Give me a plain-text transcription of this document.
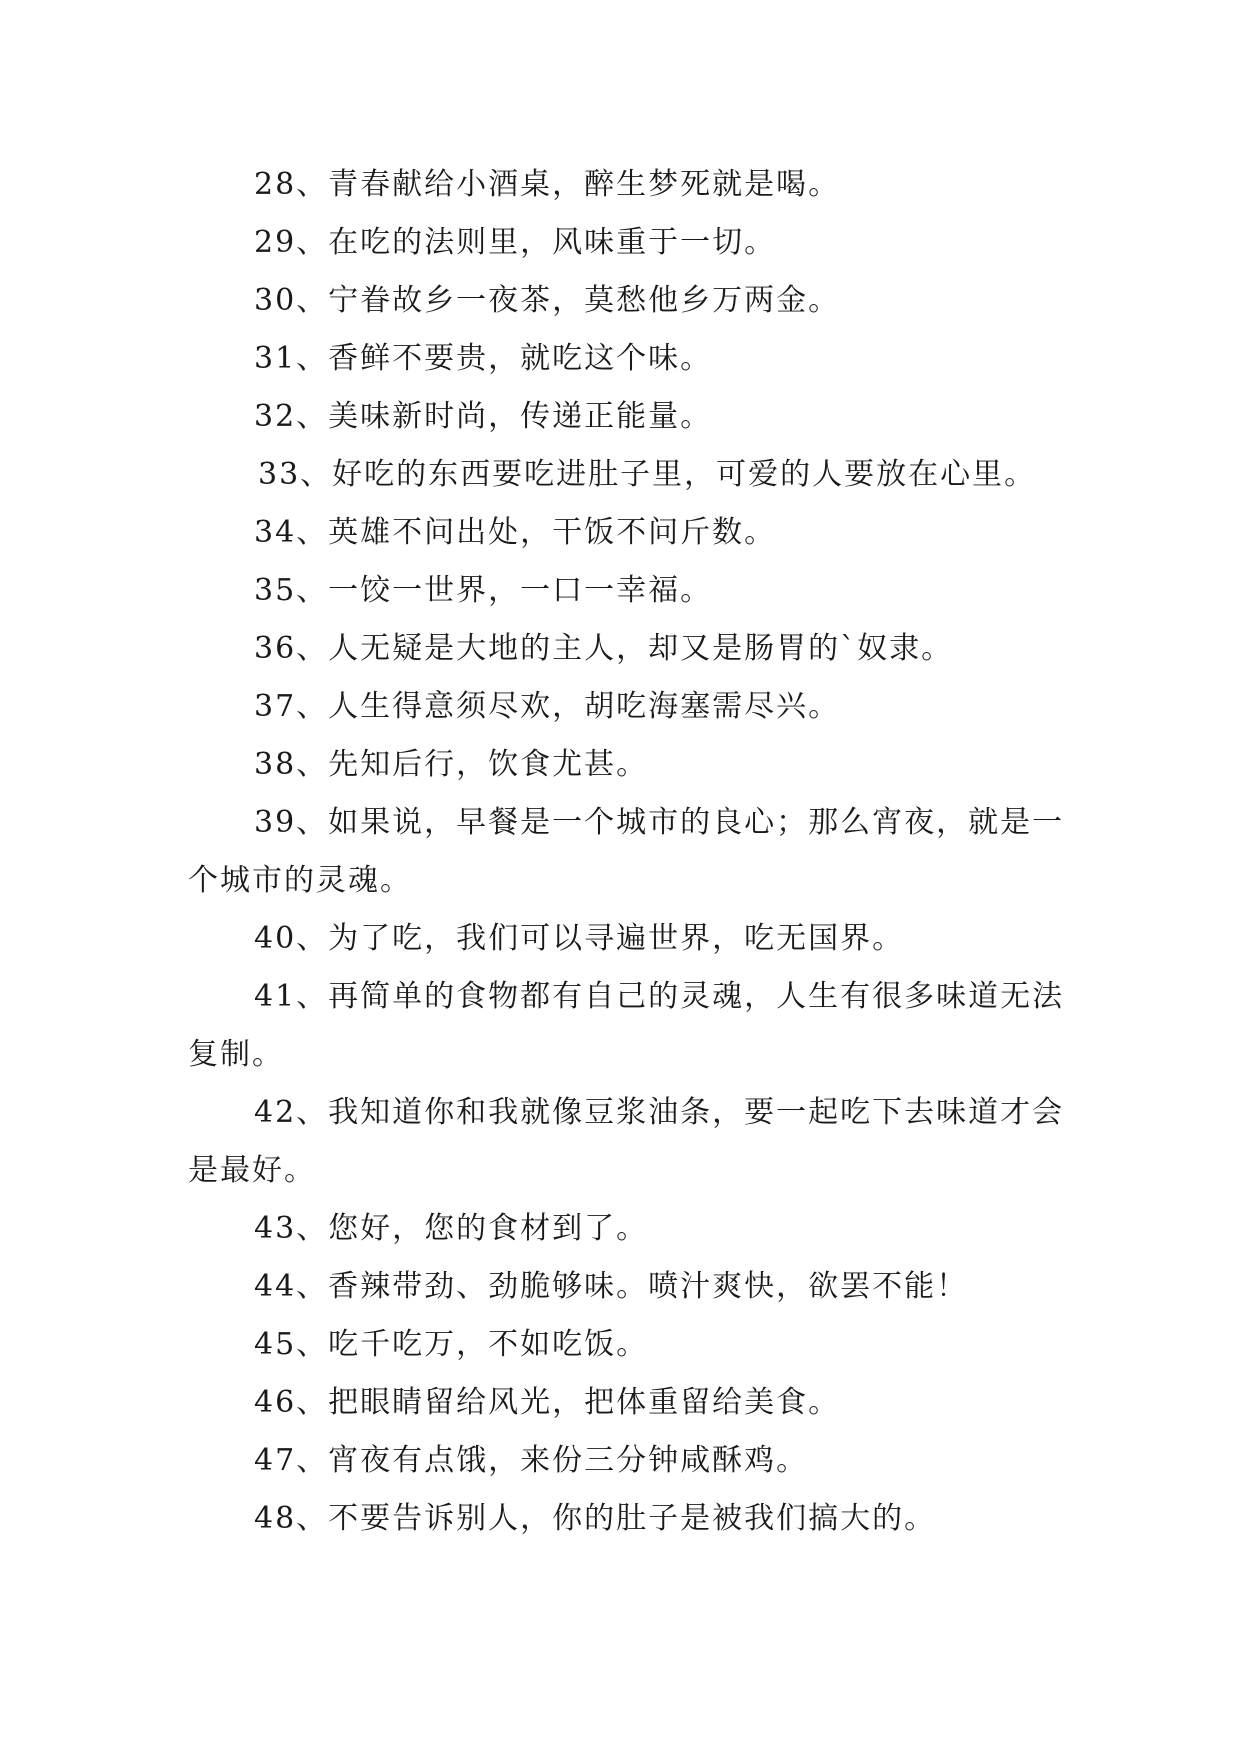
28、青春献给小酒桌，醉生梦死就是喝。

29、在吃的法则里，风味重于一切。

30、宁眷故乡一夜茶，莫愁他乡万两金。

31、香鲜不要贵，就吃这个味。

32、美味新时尚，传递正能量。

33、好吃的东西要吃进肚子里，可爱的人要放在心里。

34、英雄不问出处，干饭不问斤数。

35、一饺一世界，一口一幸福。

36、人无疑是大地的主人，却又是肠胃的`奴隶。

37、人生得意须尽欢，胡吃海塞需尽兴。

38、先知后行，饮食尤甚。

39、如果说，早餐是一个城市的良心；那么宵夜，就是一个城市的灵魂。

40、为了吃，我们可以寻遍世界，吃无国界。

41、再简单的食物都有自己的灵魂，人生有很多味道无法复制。

42、我知道你和我就像豆浆油条，要一起吃下去味道才会是最好。

43、您好，您的食材到了。

44、香辣带劲、劲脆够味。喷汁爽快，欲罢不能！

45、吃千吃万，不如吃饭。

46、把眼睛留给风光，把体重留给美食。

47、宵夜有点饿，来份三分钟咸酥鸡。

48、不要告诉别人，你的肚子是被我们搞大的。
